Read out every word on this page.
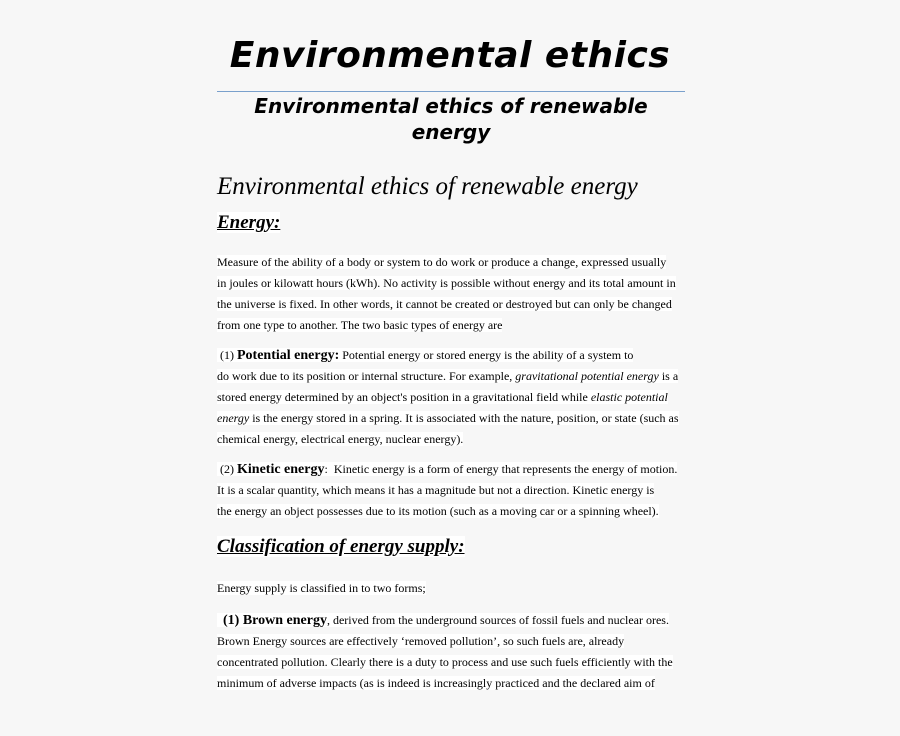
Environmental ethics
Environmental ethics of renewable energy
Environmental ethics of renewable energy
Energy:

Measure of the ability of a body or system to do work or produce a change, expressed usually

in joules or kilowatt hours (kWh). No activity is possible without energy and its total amount in

the universe is fixed. In other words, it cannot be created or destroyed but can only be changed

from one type to another. The two basic types of energy are

(1) Potential energy: Potential energy or stored energy is the ability of a system to

do work due to its position or internal structure. For example, gravitational potential energy is a

stored energy determined by an object's position in a gravitational field while elastic potential

energy is the energy stored in a spring. It is associated with the nature, position, or state (such as

chemical energy, electrical energy, nuclear energy).

(2) Kinetic energy: Kinetic energy is a form of energy that represents the energy of motion.

It is a scalar quantity, which means it has a magnitude but not a direction. Kinetic energy is

the energy an object possesses due to its motion (such as a moving car or a spinning wheel).

Classification of energy supply:

Energy supply is classified in to two forms;

(1) Brown energy, derived from the underground sources of fossil fuels and nuclear ores.

Brown Energy sources are effectively ‘removed pollution’, so such fuels are, already

concentrated pollution. Clearly there is a duty to process and use such fuels efficiently with the

minimum of adverse impacts (as is indeed is increasingly practiced and the declared aim of
